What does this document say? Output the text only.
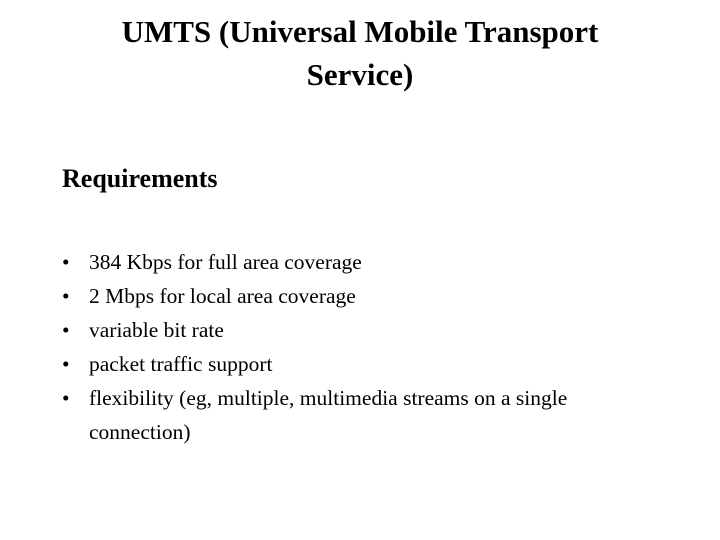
UMTS (Universal Mobile Transport
Service)
Requirements
• 384 Kbps for full area coverage
• 2 Mbps for local area coverage
• variable bit rate
• packet traffic support
• flexibility (eg, multiple, multimedia streams on a single connection)
